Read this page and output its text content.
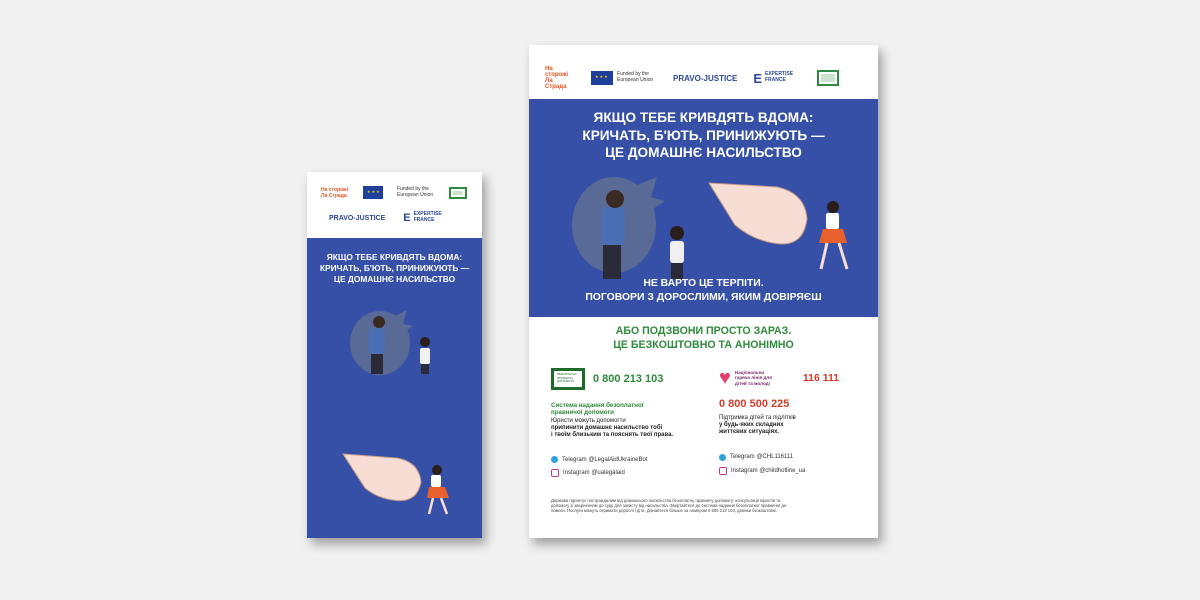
На сторожі Ла Страда
★★★
Funded by the European Union
PRAVO-JUSTICE E EXPERTISE FRANCE
ЯКЩО ТЕБЕ КРИВДЯТЬ ВДОМА:
КРИЧАТЬ, Б'ЮТЬ, ПРИНИЖУЮТЬ —
ЦЕ ДОМАШНЄ НАСИЛЬСТВО
На сторожі Ла Страда
★★★
Funded by the European Union	PRAVO-JUSTICE E EXPERTISE FRANCE
ЯКЩО ТЕБЕ КРИВДЯТЬ ВДОМА:
КРИЧАТЬ, Б'ЮТЬ, ПРИНИЖУЮТЬ —
ЦЕ ДОМАШНЄ НАСИЛЬСТВО
НЕ ВАРТО ЦЕ ТЕРПІТИ.
ПОГОВОРИ З ДОРОСЛИМИ, ЯКИМ ДОВІРЯЄШ
АБО ПОДЗВОНИ ПРОСТО ЗАРАЗ.
ЦЕ БЕЗКОШТОВНО ТА АНОНІМНО
БЕЗОПЛАТНА ПРАВНИЧА ДОПОМОГА	0 800 213 103
Система надання безоплатної
правничої допомоги
Юристи можуть допомогти
припинити домашнє насильство тобі
і твоїм близьким та пояснять твої права.
Telegram @LegalAidUkraineBot
Instagram @ualegalaid
♥ Національна
гаряча лінія для
дітей та молоді	116 111
0 800 500 225
Підтримка дітей та підлітків
у будь-яких складних
життєвих ситуаціях.
Telegram @CHL116111
Instagram @childhotline_ua
Держава гарантує постраждалим від домашнього насильства безоплатну правничу допомогу: консультації юристів та
допомогу зі зверненням до суду для захисту від насильства. Звертайтеся до системи надання безоплатної правничої до-
помоги. Послуги можуть отримати дорослі і діти. Дізнайтеся більше за номером 0 800 213 103, дзвінки безкоштовні.
